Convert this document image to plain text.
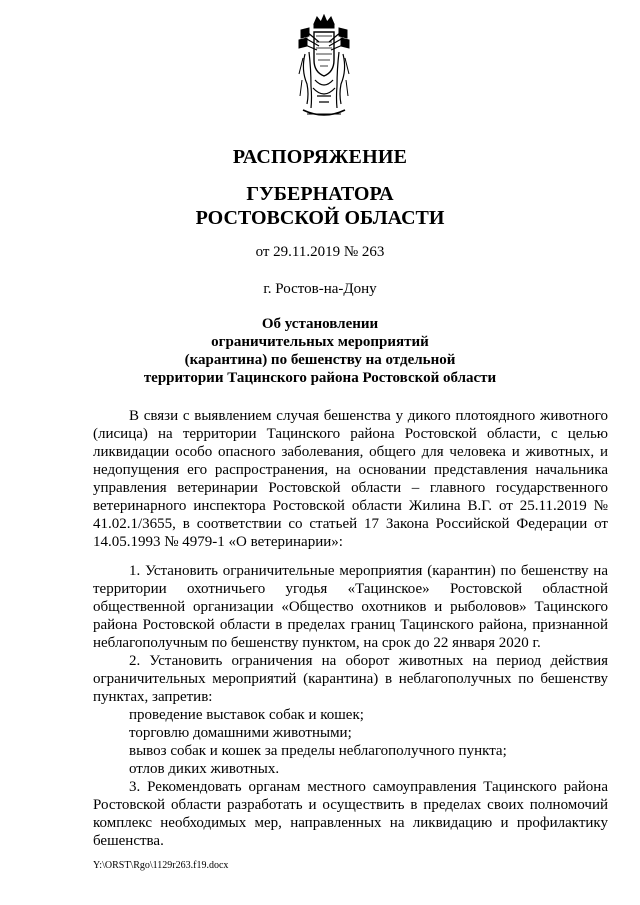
РАСПОРЯЖЕНИЕ
ГУБЕРНАТОРА
РОСТОВСКОЙ ОБЛАСТИ
от 29.11.2019 № 263
г. Ростов-на-Дону
Об установлении
ограничительных мероприятий
(карантина) по бешенству на отдельной
территории Тацинского района Ростовской области
В связи с выявлением случая бешенства у дикого плотоядного животного (лисица) на территории Тацинского района Ростовской области, с целью ликвидации особо опасного заболевания, общего для человека и животных, и недопущения его распространения, на основании представления начальника управления ветеринарии Ростовской области – главного государственного ветеринарного инспектора Ростовской области Жилина В.Г. от 25.11.2019 № 41.02.1/3655, в соответствии со статьей 17 Закона Российской Федерации от 14.05.1993 № 4979-1 «О ветеринарии»:
1. Установить ограничительные мероприятия (карантин) по бешенству на территории охотничьего угодья «Тацинское» Ростовской областной общественной организации «Общество охотников и рыболовов» Тацинского района Ростовской области в пределах границ Тацинского района, признанной неблагополучным по бешенству пунктом, на срок до 22 января 2020 г.
2. Установить ограничения на оборот животных на период действия ограничительных мероприятий (карантина) в неблагополучных по бешенству пунктах, запретив:
проведение выставок собак и кошек;
торговлю домашними животными;
вывоз собак и кошек за пределы неблагополучного пункта;
отлов диких животных.
3. Рекомендовать органам местного самоуправления Тацинского района Ростовской области разработать и осуществить в пределах своих полномочий комплекс необходимых мер, направленных на ликвидацию и профилактику бешенства.
Y:\ORST\Rgo\1129r263.f19.docx
